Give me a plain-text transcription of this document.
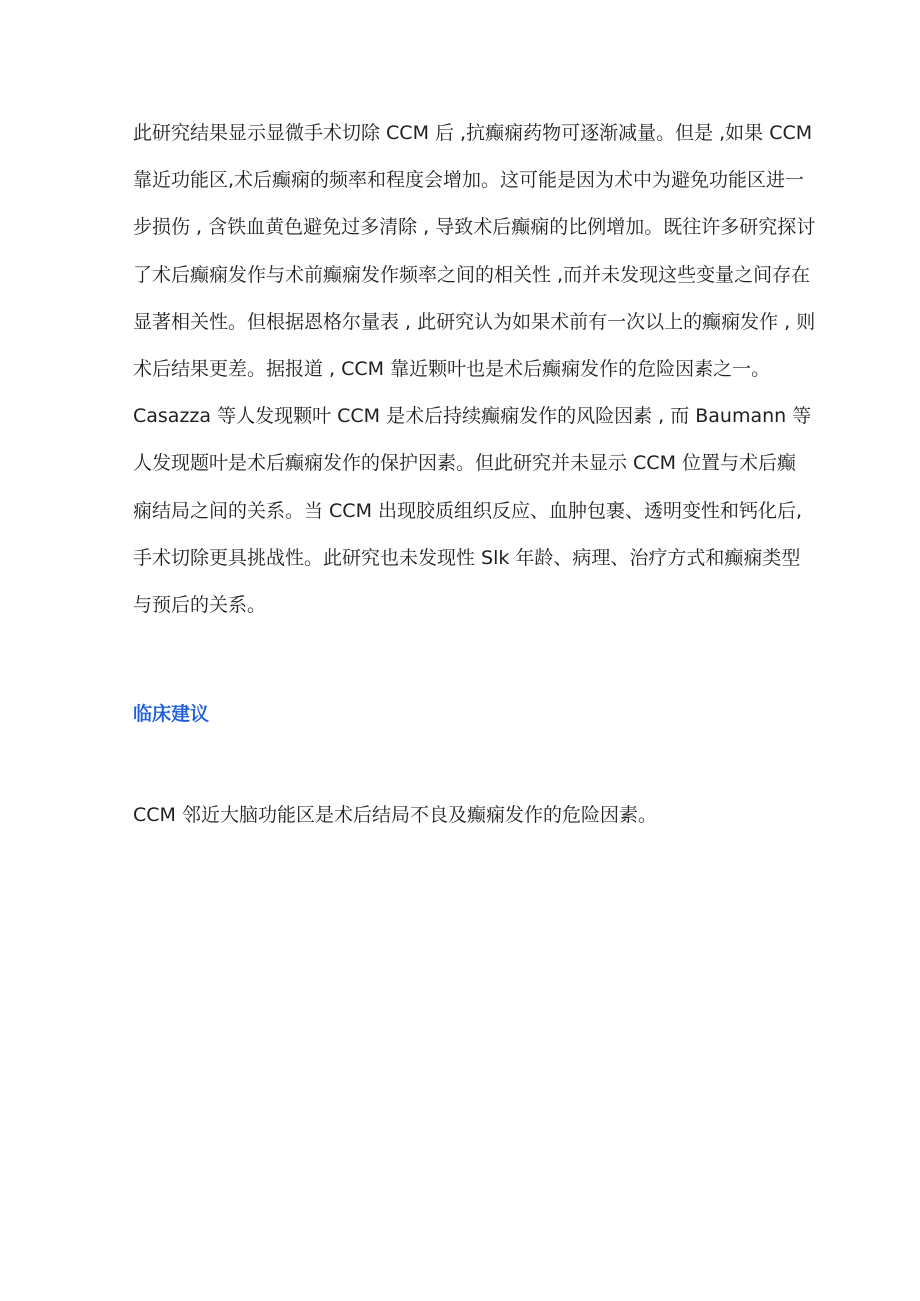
此研究结果显示显微手术切除 CCM 后 ,抗癫痫药物可逐渐减量。但是 ,如果 CCM
靠近功能区,术后癫痫的频率和程度会增加。这可能是因为术中为避免功能区进一
步损伤 , 含铁血黄色避免过多清除 , 导致术后癫痫的比例增加。既往许多研究探讨
了术后癫痫发作与术前癫痫发作频率之间的相关性 ,而并未发现这些变量之间存在
显著相关性。但根据恩格尔量表 , 此研究认为如果术前有一次以上的癫痫发作 , 则
术后结果更差。据报道 , CCM 靠近颗叶也是术后癫痫发作的危险因素之一。
Casazza 等人发现颗叶 CCM 是术后持续癫痫发作的风险因素 , 而 Baumann 等
人发现题叶是术后癫痫发作的保护因素。但此研究并未显示 CCM 位置与术后癫
痫结局之间的关系。当 CCM 出现胶质组织反应、血肿包裹、透明变性和钙化后,
手术切除更具挑战性。此研究也未发现性 Slk 年龄、病理、治疗方式和癫痫类型
与预后的关系。
临床建议
CCM 邻近大脑功能区是术后结局不良及癫痫发作的危险因素。
